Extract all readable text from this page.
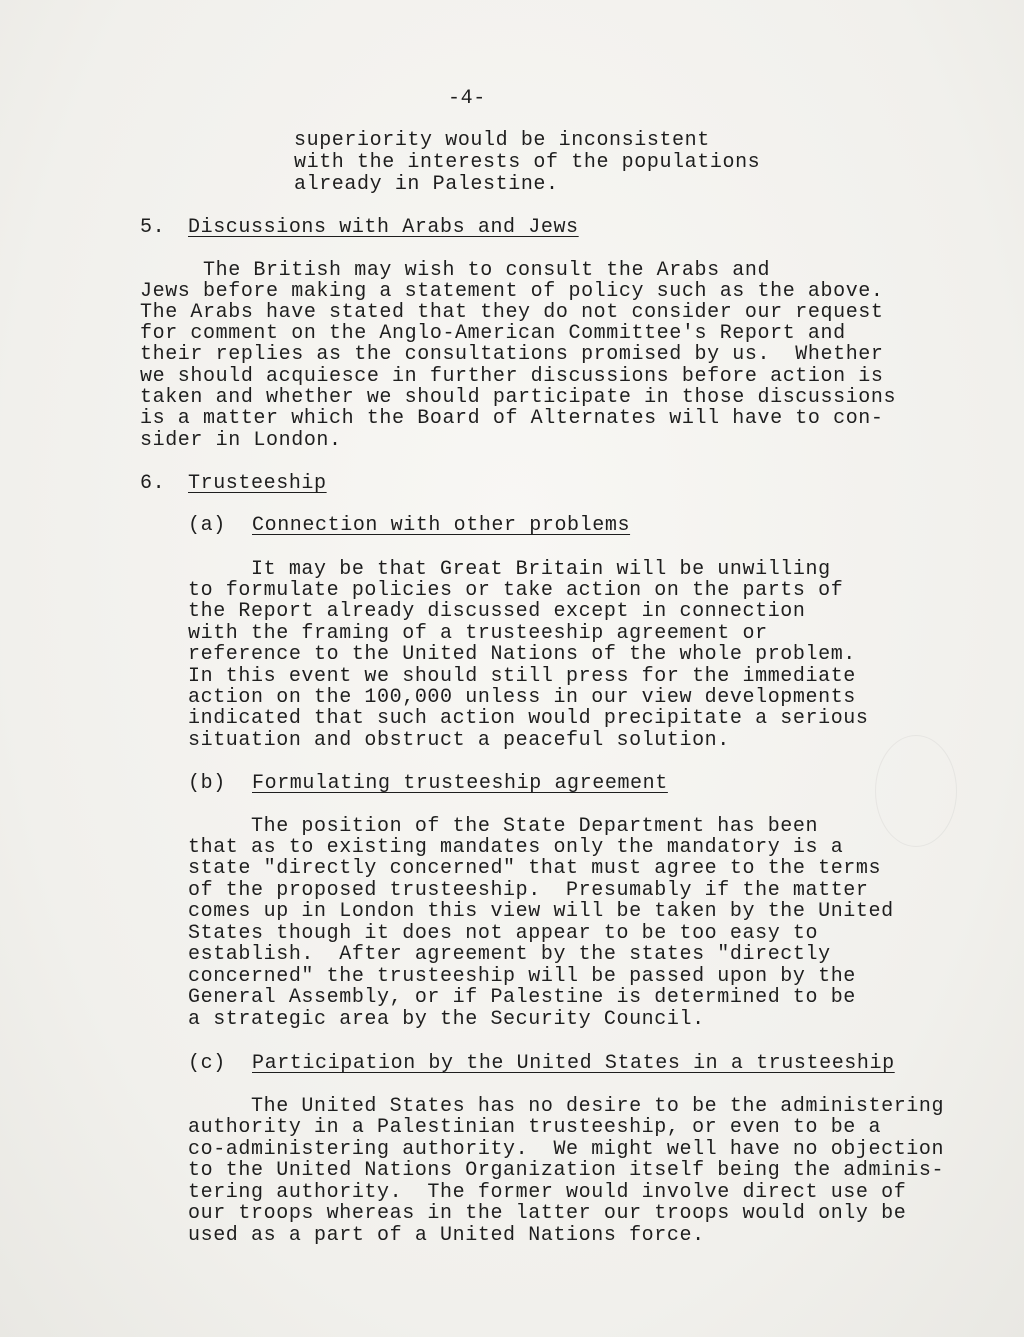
-4-
superiority would be inconsistent
with the interests of the populations
already in Palestine.
5. Discussions with Arabs and Jews
The British may wish to consult the Arabs and
Jews before making a statement of policy such as the above.
The Arabs have stated that they do not consider our request
for comment on the Anglo-American Committee's Report and
their replies as the consultations promised by us.  Whether
we should acquiesce in further discussions before action is
taken and whether we should participate in those discussions
is a matter which the Board of Alternates will have to con-
sider in London.
6. Trusteeship
(a) Connection with other problems
It may be that Great Britain will be unwilling
to formulate policies or take action on the parts of
the Report already discussed except in connection
with the framing of a trusteeship agreement or
reference to the United Nations of the whole problem.
In this event we should still press for the immediate
action on the 100,000 unless in our view developments
indicated that such action would precipitate a serious
situation and obstruct a peaceful solution.
(b) Formulating trusteeship agreement
The position of the State Department has been
that as to existing mandates only the mandatory is a
state "directly concerned" that must agree to the terms
of the proposed trusteeship.  Presumably if the matter
comes up in London this view will be taken by the United
States though it does not appear to be too easy to
establish.  After agreement by the states "directly
concerned" the trusteeship will be passed upon by the
General Assembly, or if Palestine is determined to be
a strategic area by the Security Council.
(c) Participation by the United States in a trusteeship
The United States has no desire to be the administering
authority in a Palestinian trusteeship, or even to be a
co-administering authority.  We might well have no objection
to the United Nations Organization itself being the adminis-
tering authority.  The former would involve direct use of
our troops whereas in the latter our troops would only be
used as a part of a United Nations force.
